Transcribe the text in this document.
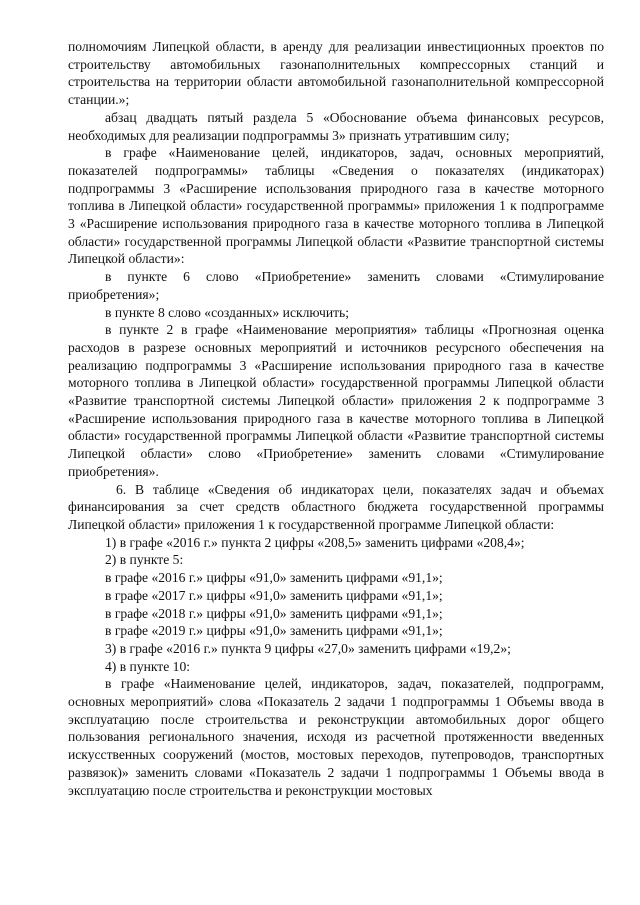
полномочиям Липецкой области, в аренду для реализации инвестиционных проектов по строительству автомобильных газонаполнительных компрессорных станций и строительства на территории области автомобильной газонаполнительной компрессорной станции.»;

абзац двадцать пятый раздела 5 «Обоснование объема финансовых ресурсов, необходимых для реализации подпрограммы 3» признать утратившим силу;

в графе «Наименование целей, индикаторов, задач, основных мероприятий, показателей подпрограммы» таблицы «Сведения о показателях (индикаторах) подпрограммы 3 «Расширение использования природного газа в качестве моторного топлива в Липецкой области» государственной программы» приложения 1 к подпрограмме 3 «Расширение использования природного газа в качестве моторного топлива в Липецкой области» государственной программы Липецкой области «Развитие транспортной системы Липецкой области»:

в пункте 6 слово «Приобретение» заменить словами «Стимулирование приобретения»;

в пункте 8 слово «созданных» исключить;

в пункте 2 в графе «Наименование мероприятия» таблицы «Прогнозная оценка расходов в разрезе основных мероприятий и источников ресурсного обеспечения на реализацию подпрограммы 3 «Расширение использования природного газа в качестве моторного топлива в Липецкой области» государственной программы Липецкой области «Развитие транспортной системы Липецкой области» приложения 2 к подпрограмме 3 «Расширение использования природного газа в качестве моторного топлива в Липецкой области» государственной программы Липецкой области «Развитие транспортной системы Липецкой области» слово «Приобретение» заменить словами «Стимулирование приобретения».

6. В таблице «Сведения об индикаторах цели, показателях задач и объемах финансирования за счет средств областного бюджета государственной программы Липецкой области» приложения 1 к государственной программе Липецкой области:

1) в графе «2016 г.» пункта 2 цифры «208,5» заменить цифрами «208,4»;

2) в пункте 5:

в графе «2016 г.» цифры «91,0» заменить цифрами «91,1»;

в графе «2017 г.» цифры «91,0» заменить цифрами «91,1»;

в графе «2018 г.» цифры «91,0» заменить цифрами «91,1»;

в графе «2019 г.» цифры «91,0» заменить цифрами «91,1»;

3) в графе «2016 г.» пункта 9 цифры «27,0» заменить цифрами «19,2»;

4) в пункте 10:

в графе «Наименование целей, индикаторов, задач, показателей, подпрограмм, основных мероприятий» слова «Показатель 2 задачи 1 подпрограммы 1 Объемы ввода в эксплуатацию после строительства и реконструкции автомобильных дорог общего пользования регионального значения, исходя из расчетной протяженности введенных искусственных сооружений (мостов, мостовых переходов, путепроводов, транспортных развязок)» заменить словами «Показатель 2 задачи 1 подпрограммы 1 Объемы ввода в эксплуатацию после строительства и реконструкции мостовых
